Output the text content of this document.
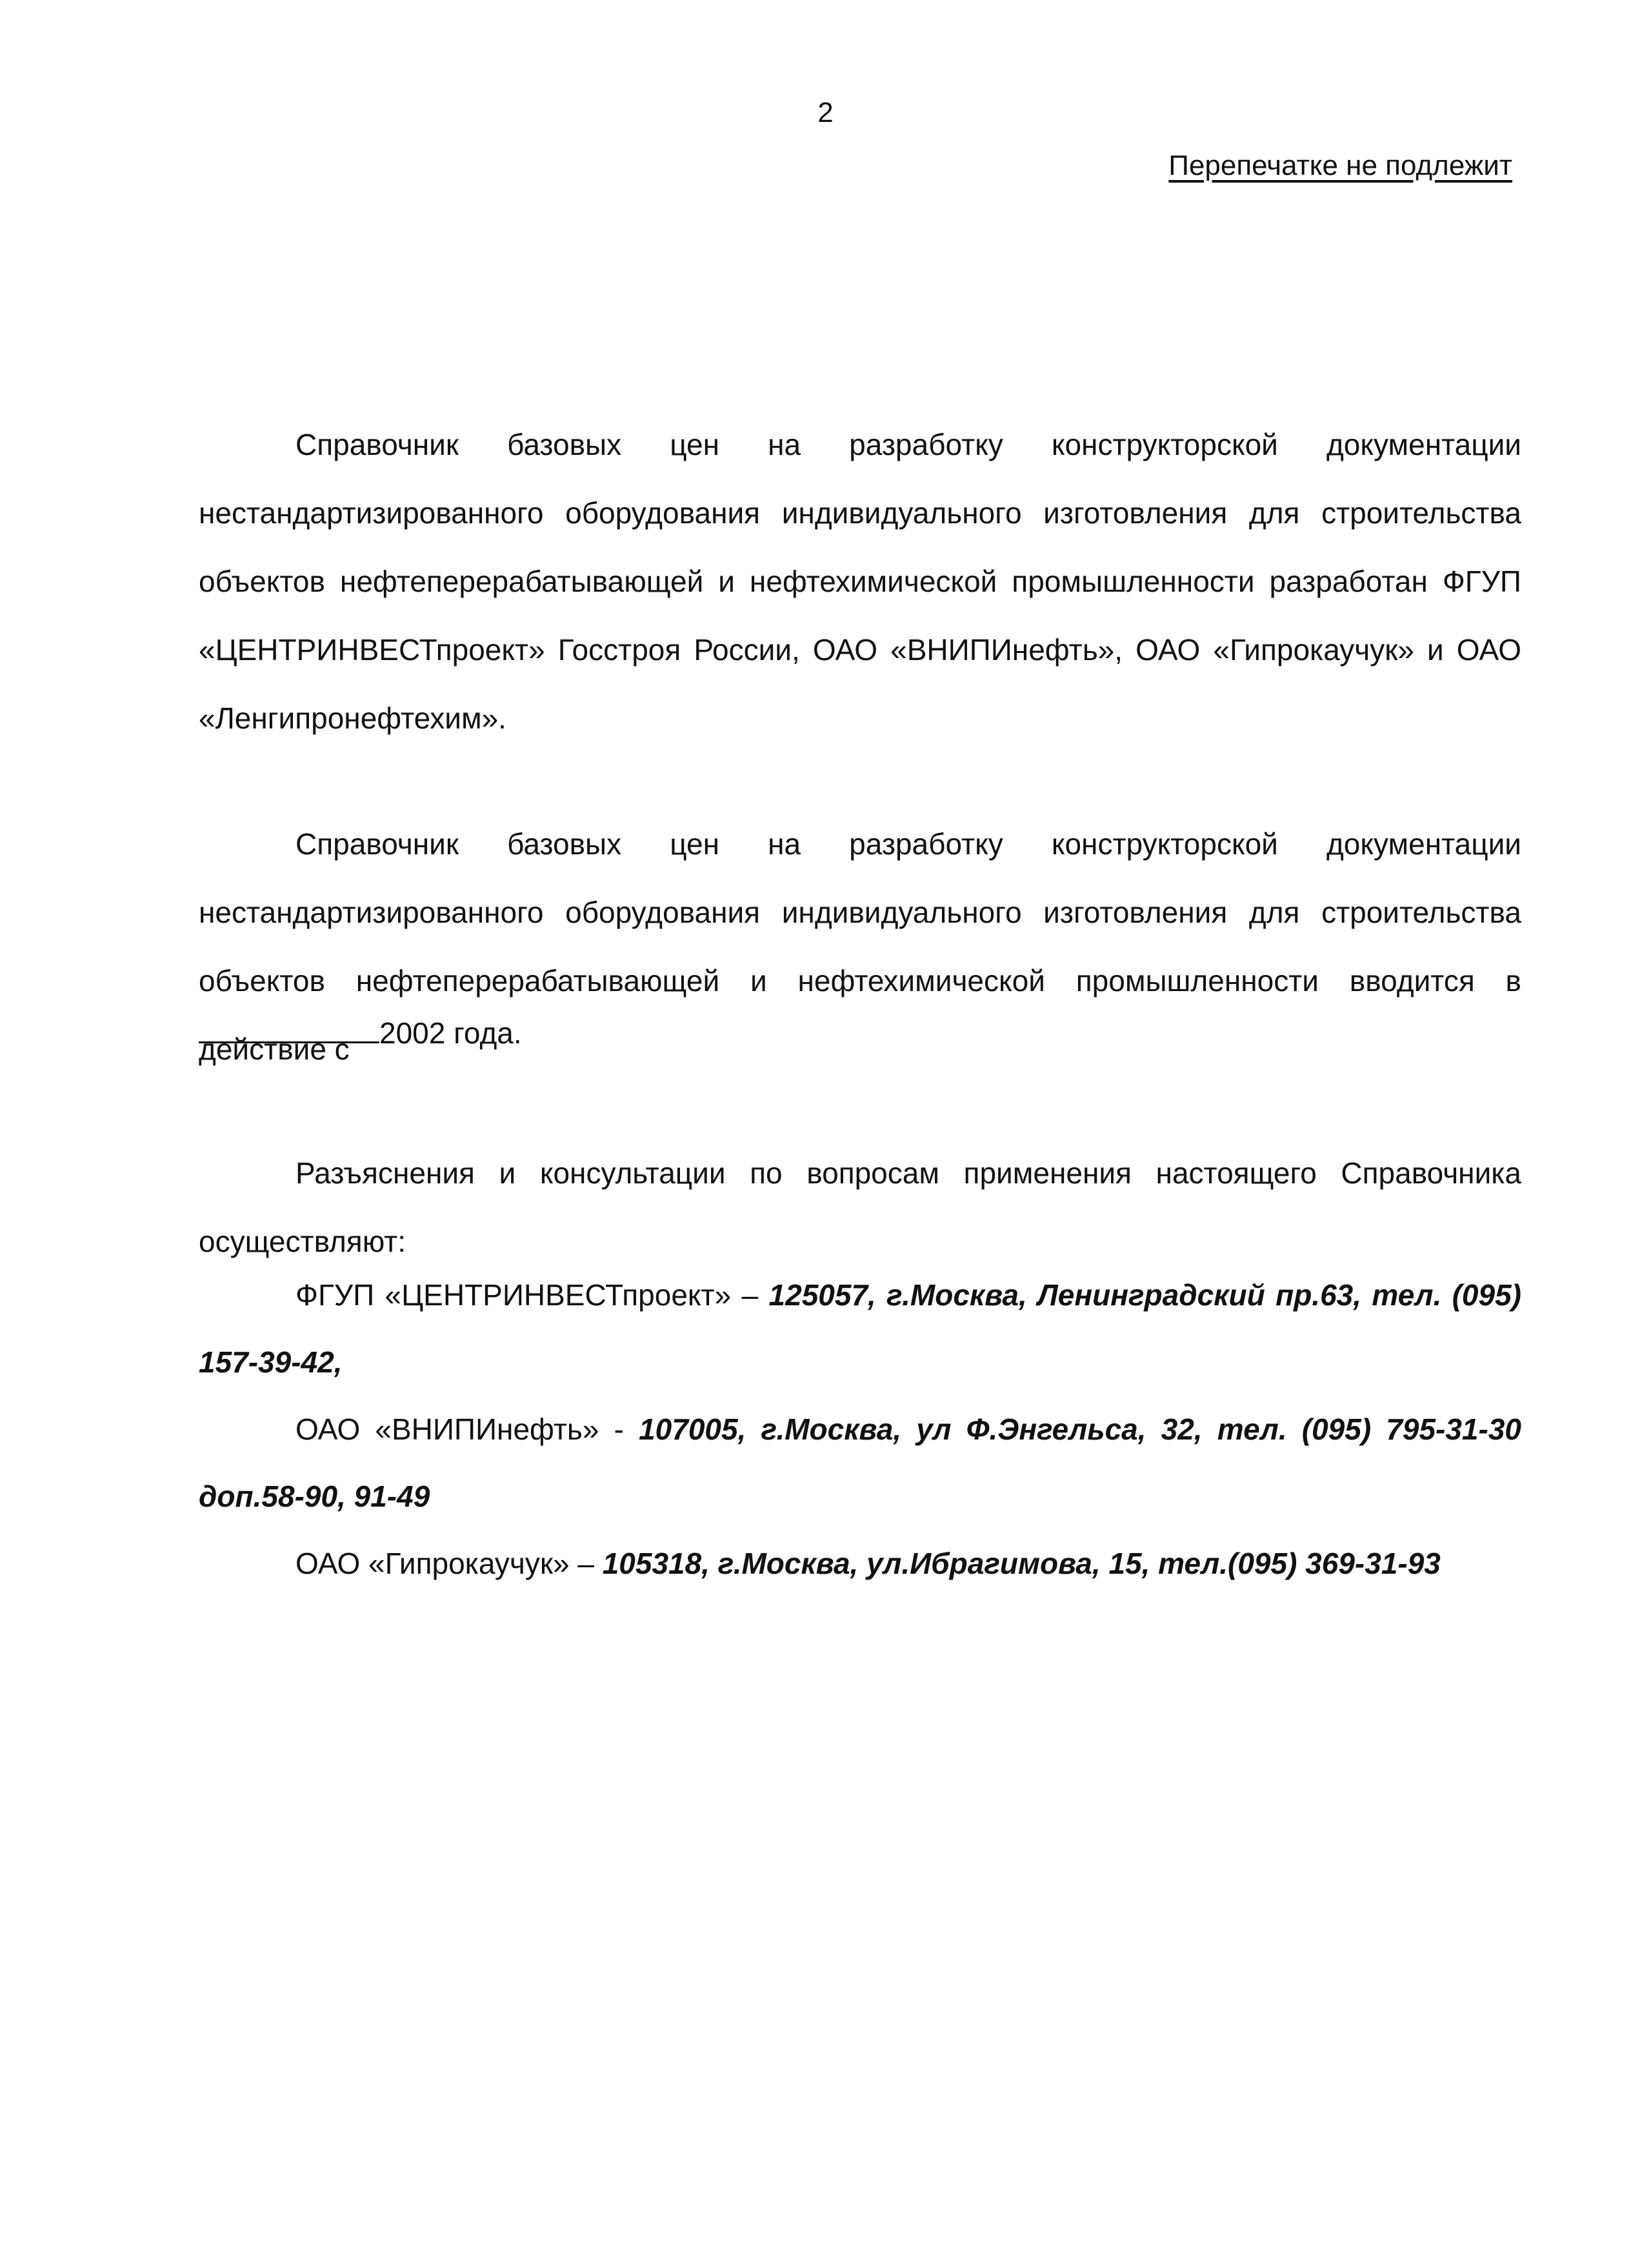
2
Перепечатке не подлежит

Справочник базовых цен на разработку конструкторской документации нестандартизированного оборудования индивидуального изготовления для строительства объектов нефтеперерабатывающей и нефтехимической промышленности разработан ФГУП «ЦЕНТРИНВЕСТпроект» Госстроя России, ОАО «ВНИПИнефть», ОАО «Гипрокаучук» и ОАО «Ленгипронефтехим».

Справочник базовых цен на разработку конструкторской документации нестандартизированного оборудования индивидуального изготовления для строительства объектов нефтеперерабатывающей и нефтехимической промышленности вводится в действие с	2002 года.

Разъяснения и консультации по вопросам применения настоящего Справочника осуществляют:

ФГУП «ЦЕНТРИНВЕСТпроект» – 125057, г.Москва, Ленинградский пр.63, тел. (095) 157-39-42,

ОАО «ВНИПИнефть» - 107005, г.Москва, ул Ф.Энгельса, 32, тел. (095) 795-31-30 доп.58-90, 91-49

ОАО «Гипрокаучук» – 105318, г.Москва, ул.Ибрагимова, 15, тел.(095) 369-31-93
